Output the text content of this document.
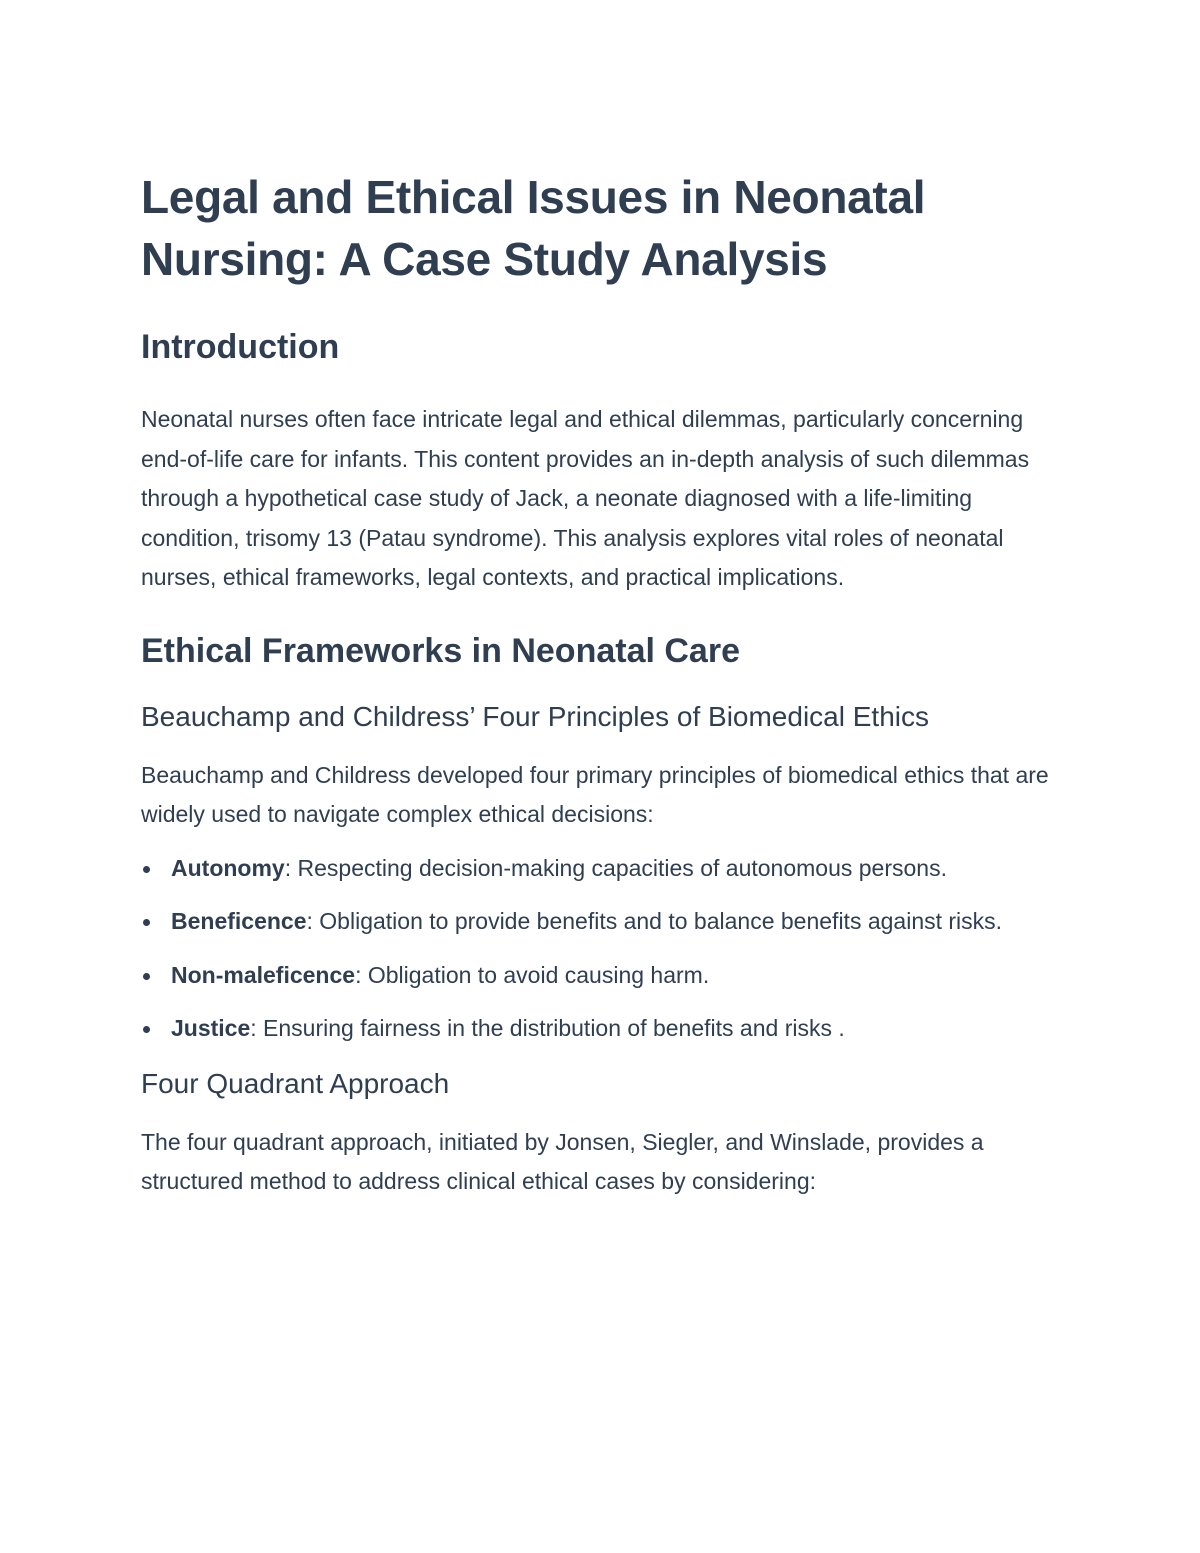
Legal and Ethical Issues in Neonatal Nursing: A Case Study Analysis
Introduction

Neonatal nurses often face intricate legal and ethical dilemmas, particularly concerning end-of-life care for infants. This content provides an in-depth analysis of such dilemmas through a hypothetical case study of Jack, a neonate diagnosed with a life-limiting condition, trisomy 13 (Patau syndrome). This analysis explores vital roles of neonatal nurses, ethical frameworks, legal contexts, and practical implications.

Ethical Frameworks in Neonatal Care
Beauchamp and Childress’ Four Principles of Biomedical Ethics

Beauchamp and Childress developed four primary principles of biomedical ethics that are widely used to navigate complex ethical decisions:

Autonomy: Respecting decision-making capacities of autonomous persons.
Beneficence: Obligation to provide benefits and to balance benefits against risks.
Non-maleficence: Obligation to avoid causing harm.
Justice: Ensuring fairness in the distribution of benefits and risks .
Four Quadrant Approach

The four quadrant approach, initiated by Jonsen, Siegler, and Winslade, provides a structured method to address clinical ethical cases by considering:
